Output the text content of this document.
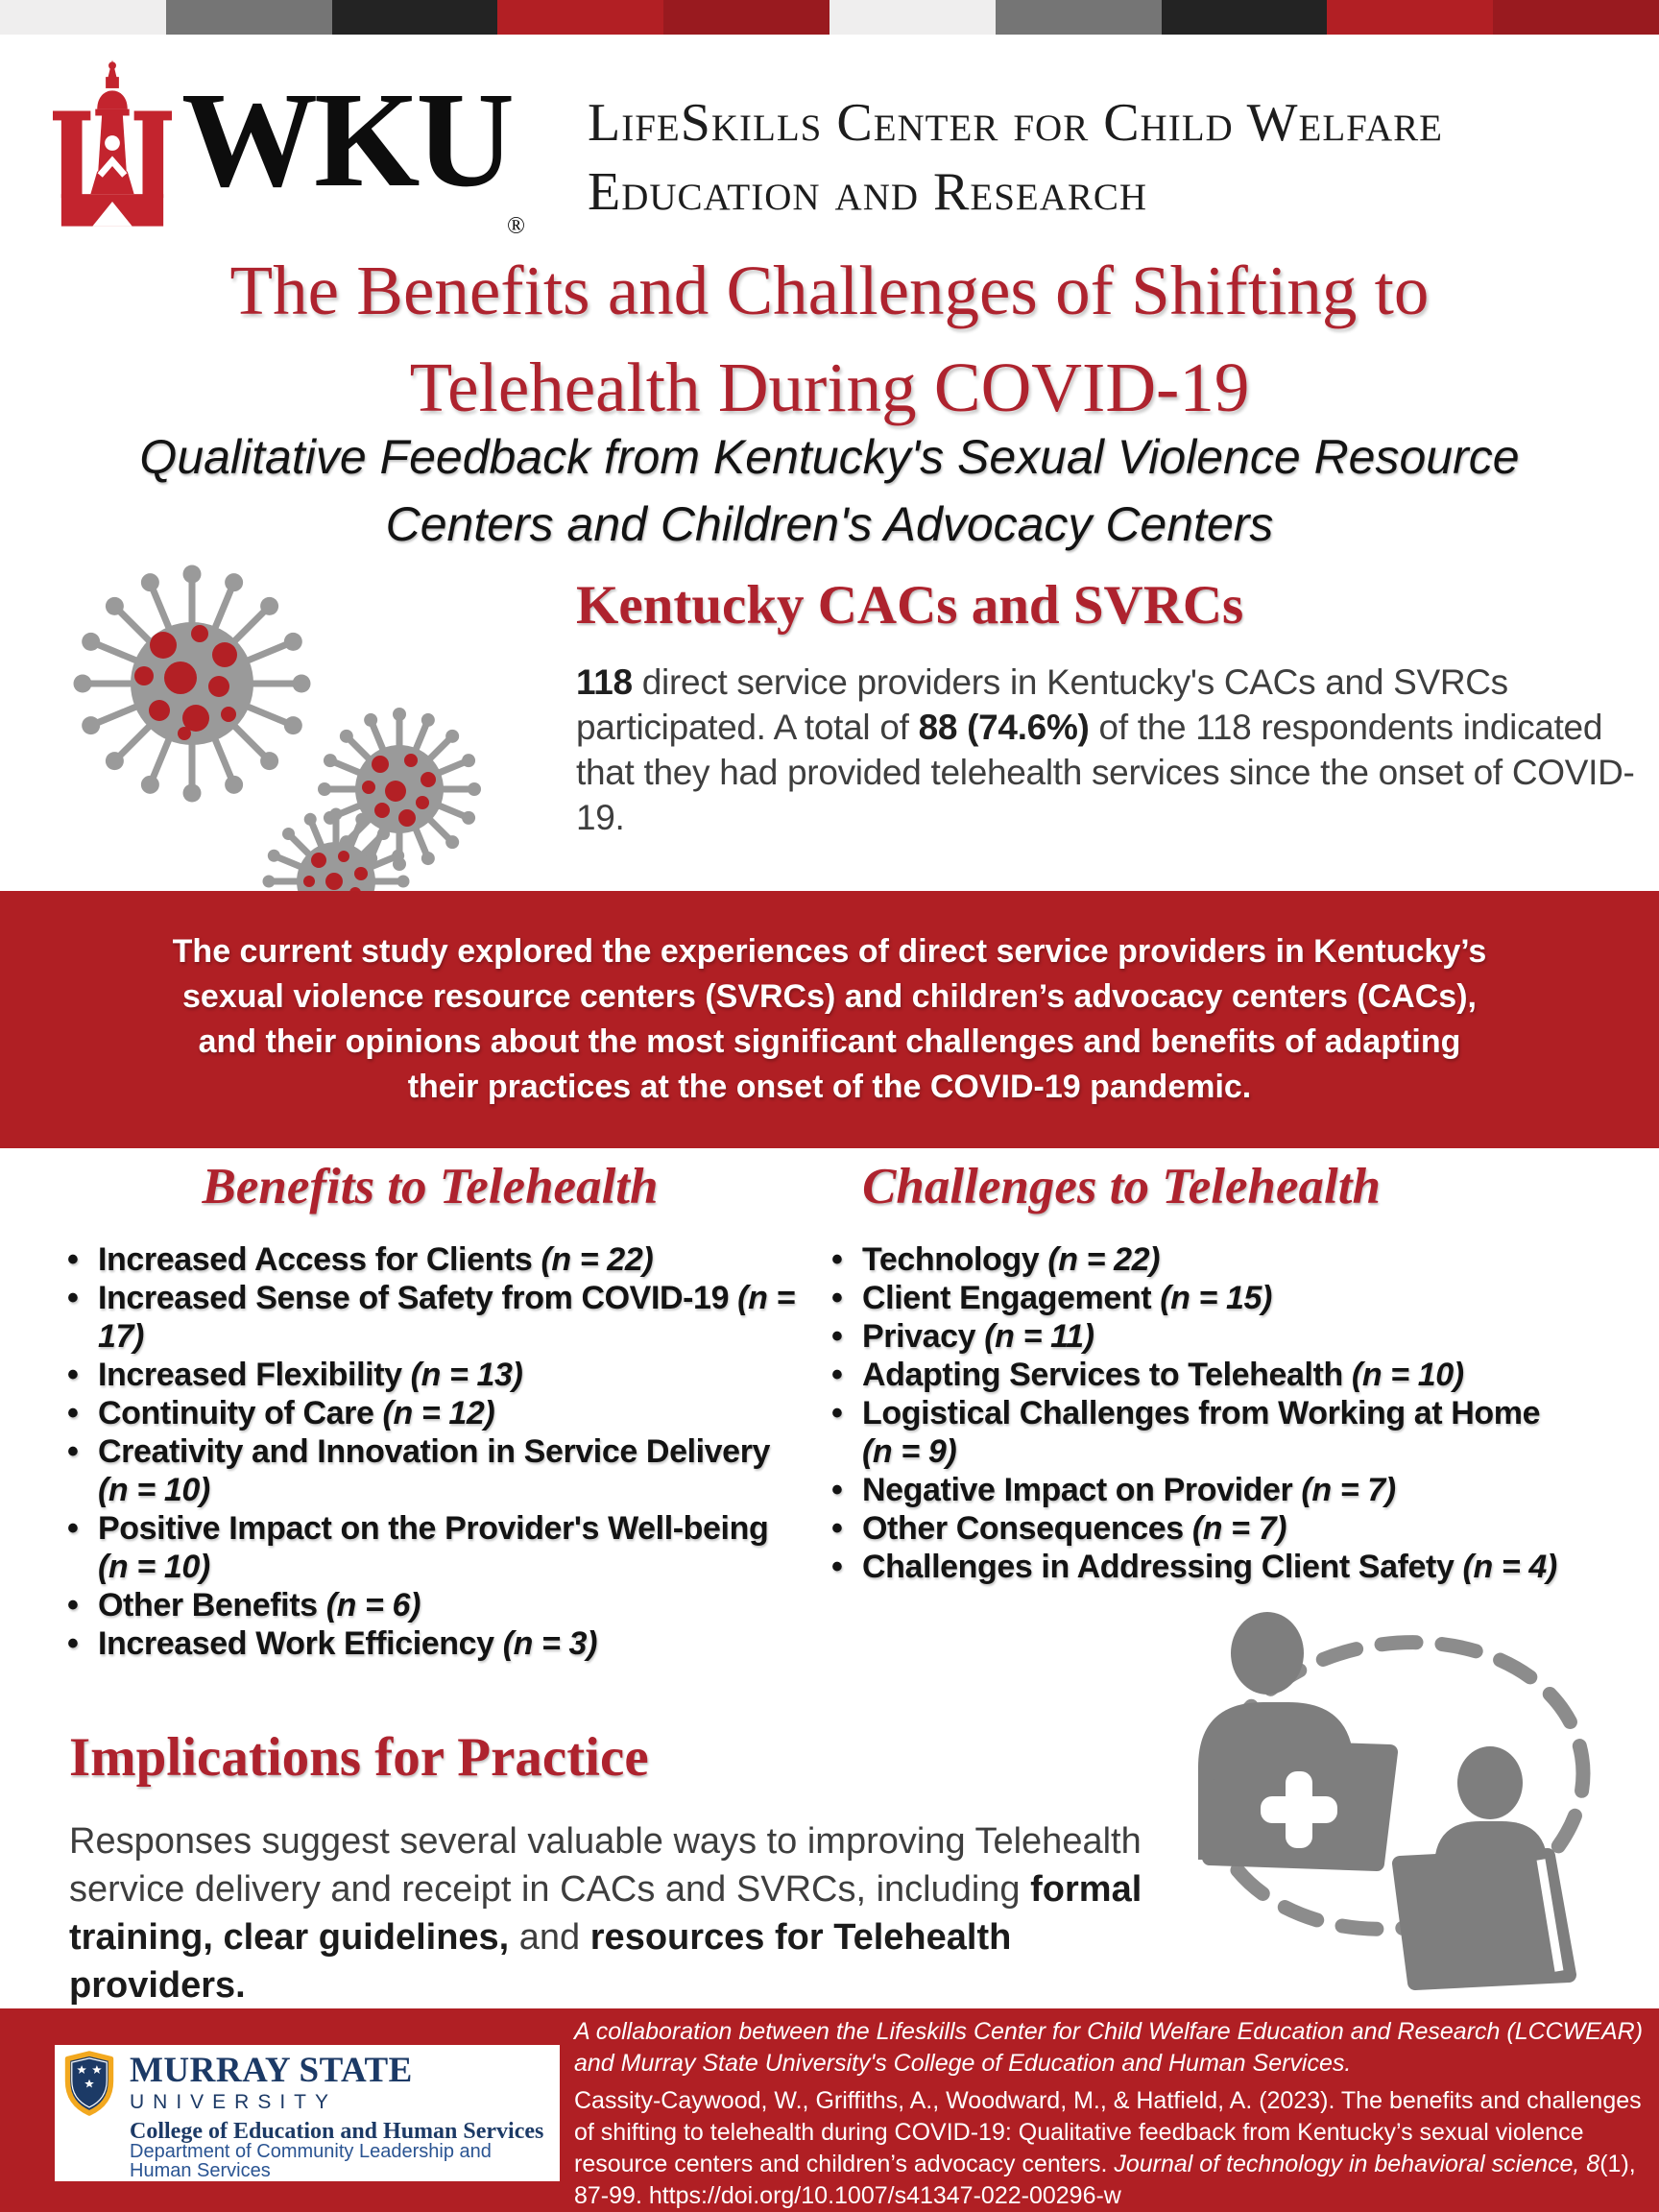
$WKU_®$
LifeSkills Center for Child Welfare
Education and Research
The Benefits and Challenges of Shifting to
Telehealth During COVID-19

Qualitative Feedback from Kentucky's Sexual Violence Resource
Centers and Children's Advocacy Centers

Kentucky CACs and SVRCs

118 direct service providers in Kentucky's CACs and SVRCs participated. A total of 88 (74.6%) of the 118 respondents indicated that they had provided telehealth services since the onset of COVID-19.

The current study explored the experiences of direct service providers in Kentucky’s sexual violence resource centers (SVRCs) and children’s advocacy centers (CACs), and their opinions about the most significant challenges and benefits of adapting their practices at the onset of the COVID-19 pandemic.

Benefits to Telehealth
• Increased Access for Clients (n = 22)
• Increased Sense of Safety from COVID-19 (n = 17)
• Increased Flexibility (n = 13)
• Continuity of Care (n = 12)
• Creativity and Innovation in Service Delivery (n = 10)
• Positive Impact on the Provider's Well-being (n = 10)
• Other Benefits (n = 6)
• Increased Work Efficiency (n = 3)
Challenges to Telehealth
• Technology (n = 22)
• Client Engagement (n = 15)
• Privacy (n = 11)
• Adapting Services to Telehealth (n = 10)
• Logistical Challenges from Working at Home (n = 9)
• Negative Impact on Provider (n = 7)
• Other Consequences (n = 7)
• Challenges in Addressing Client Safety (n = 4)
Implications for Practice

Responses suggest several valuable ways to improving Telehealth service delivery and receipt in CACs and SVRCs, including formal training, clear guidelines, and resources for Telehealth providers.

MURRAY STATE
UNIVERSITY
College of Education and Human Services
Department of Community Leadership and Human Services

A collaboration between the Lifeskills Center for Child Welfare Education and Research (LCCWEAR) and Murray State University's College of Education and Human Services.

Cassity-Caywood, W., Griffiths, A., Woodward, M., & Hatfield, A. (2023). The benefits and challenges of shifting to telehealth during COVID-19: Qualitative feedback from Kentucky’s sexual violence resource centers and children’s advocacy centers. Journal of technology in behavioral science, 8(1), 87-99. https://doi.org/10.1007/s41347-022-00296-w
